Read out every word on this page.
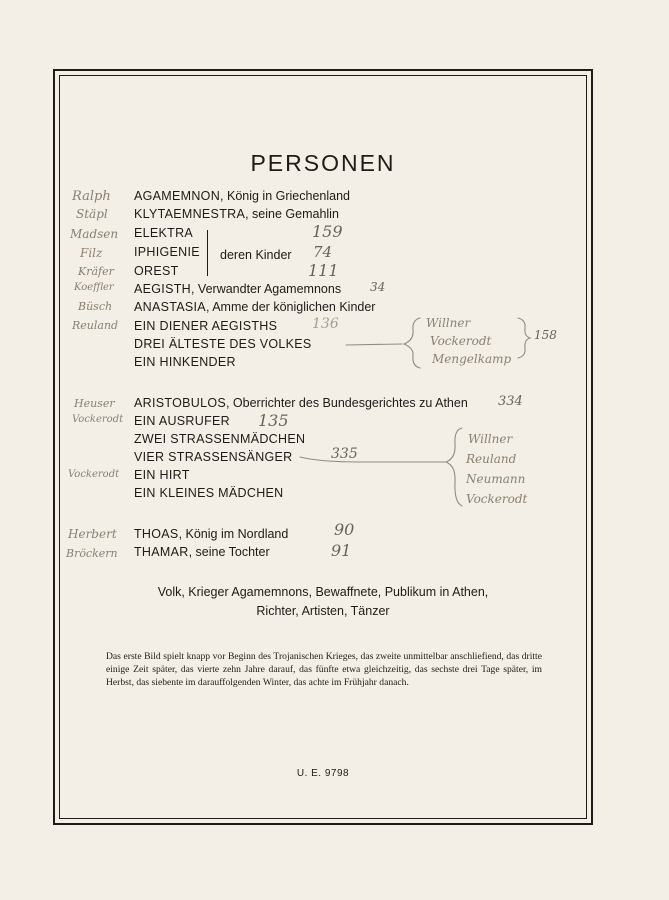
PERSONEN
AGAMEMNON, König in Griechenland
KLYTAEMNESTRA, seine Gemahlin
ELEKTRA
IPHIGENIE
OREST
deren Kinder
AEGISTH, Verwandter Agamemnons
ANASTASIA, Amme der königlichen Kinder
EIN DIENER AEGISTHS
DREI ÄLTESTE DES VOLKES
EIN HINKENDER
ARISTOBULOS, Oberrichter des Bundesgerichtes zu Athen
EIN AUSRUFER
ZWEI STRASSENMÄDCHEN
VIER STRASSENSÄNGER
EIN HIRT
EIN KLEINES MÄDCHEN
THOAS, König im Nordland
THAMAR, seine Tochter
Volk, Krieger Agamemnons, Bewaffnete, Publikum in Athen,
Richter, Artisten, Tänzer
Das erste Bild spielt knapp vor Beginn des Trojanischen Krieges, das zweite unmittelbar anschliefiend, das dritte einige Zeit später, das vierte zehn Jahre darauf, das fünfte etwa gleichzeitig, das sechste drei Tage später, im Herbst, das siebente im darauffolgenden Winter, das achte im Frühjahr danach.
U. E. 9798
Ralph
Stäpl
Madsen
Filz
Kräfer
Koeffler
Büsch
Reuland
Heuser
Vockerodt
Vockerodt
Herbert
Bröckern
159
74
111
34
136
158
334
135
335
90
91
Willner
Vockerodt
Mengelkamp
Willner
Reuland
Neumann
Vockerodt
